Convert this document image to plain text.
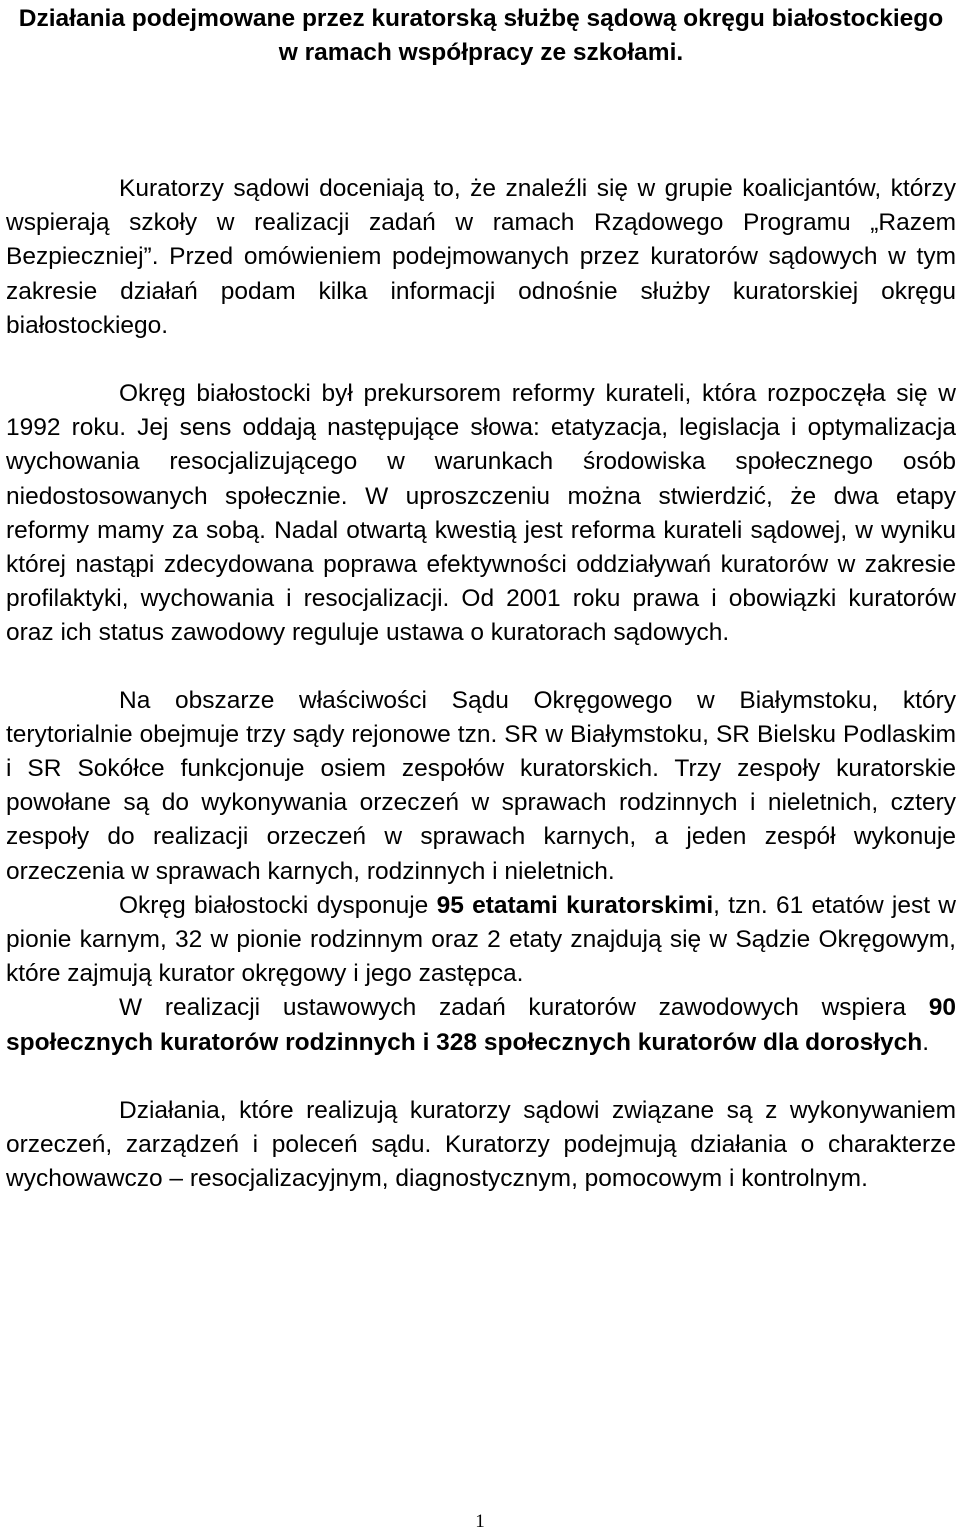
Działania podejmowane przez kuratorską służbę sądową okręgu białostockiego w ramach współpracy ze szkołami.

Kuratorzy sądowi doceniają to, że znaleźli się w grupie koalicjantów, którzy wspierają szkoły w realizacji zadań w ramach Rządowego Programu „Razem Bezpieczniej”. Przed omówieniem podejmowanych przez kuratorów sądowych w tym zakresie działań podam kilka informacji odnośnie służby kuratorskiej okręgu białostockiego.

Okręg białostocki był prekursorem reformy kurateli, która rozpoczęła się w 1992 roku. Jej sens oddają następujące słowa: etatyzacja, legislacja i optymalizacja wychowania resocjalizującego w warunkach środowiska społecznego osób niedostosowanych społecznie. W uproszczeniu można stwierdzić, że dwa etapy reformy mamy za sobą. Nadal otwartą kwestią jest reforma kurateli sądowej, w wyniku której nastąpi zdecydowana poprawa efektywności oddziaływań kuratorów w zakresie profilaktyki, wychowania i resocjalizacji. Od 2001 roku prawa i obowiązki kuratorów oraz ich status zawodowy reguluje ustawa o kuratorach sądowych.

Na obszarze właściwości Sądu Okręgowego w Białymstoku, który terytorialnie obejmuje trzy sądy rejonowe tzn. SR w Białymstoku, SR Bielsku Podlaskim i SR Sokółce funkcjonuje osiem zespołów kuratorskich. Trzy zespoły kuratorskie powołane są do wykonywania orzeczeń w sprawach rodzinnych i nieletnich, cztery zespoły do realizacji orzeczeń w sprawach karnych, a jeden zespół wykonuje orzeczenia w sprawach karnych, rodzinnych i nieletnich.

Okręg białostocki dysponuje 95 etatami kuratorskimi, tzn. 61 etatów jest w pionie karnym, 32 w pionie rodzinnym oraz 2 etaty znajdują się w Sądzie Okręgowym, które zajmują kurator okręgowy i jego zastępca.

W realizacji ustawowych zadań kuratorów zawodowych wspiera 90 społecznych kuratorów rodzinnych i 328 społecznych kuratorów dla dorosłych.

Działania, które realizują kuratorzy sądowi związane są z wykonywaniem orzeczeń, zarządzeń i poleceń sądu. Kuratorzy podejmują działania o charakterze wychowawczo – resocjalizacyjnym, diagnostycznym, pomocowym i kontrolnym.

1
